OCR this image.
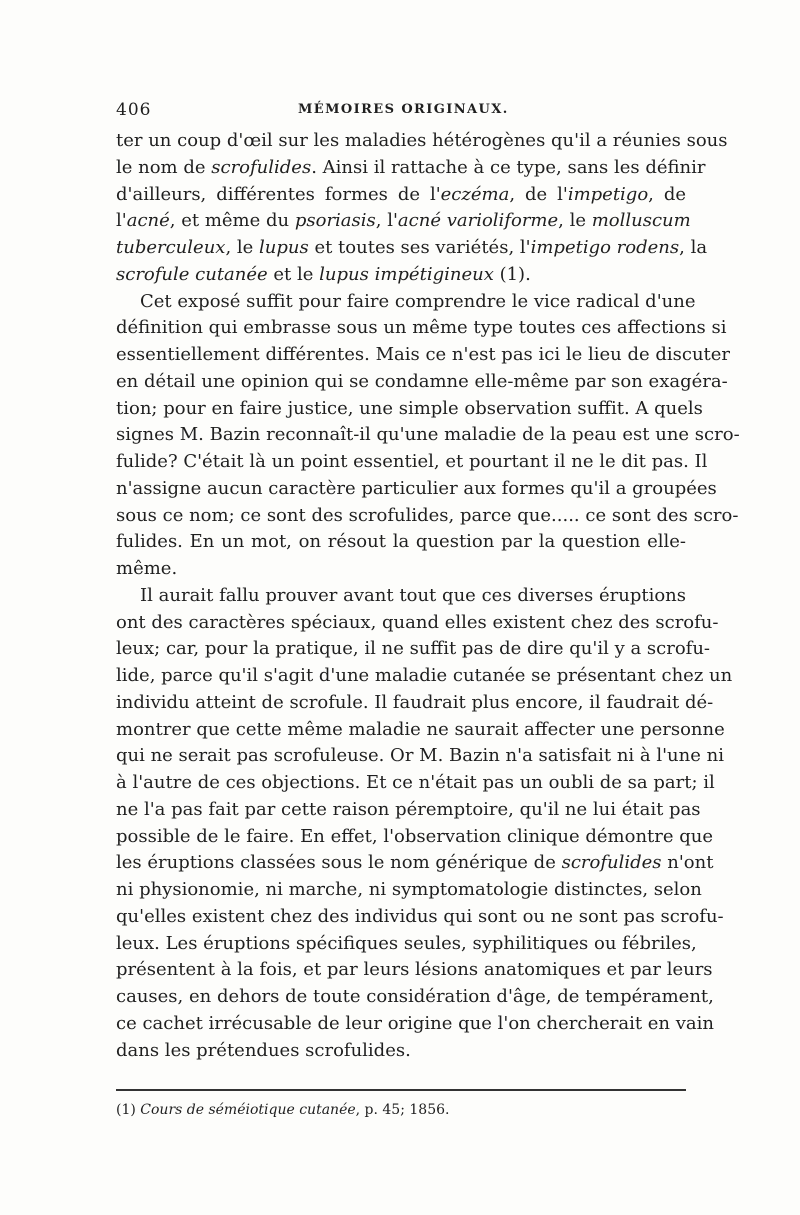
406	MÉMOIRES ORIGINAUX.
ter un coup d'œil sur les maladies hétérogènes qu'il a réunies sous
le nom de scrofulides. Ainsi il rattache à ce type, sans les définir
d'ailleurs, différentes formes de l'eczéma, de l'impetigo, de
l'acné, et même du psoriasis, l'acné varioliforme, le molluscum
tuberculeux, le lupus et toutes ses variétés, l'impetigo rodens, la
scrofule cutanée et le lupus impétigineux (1).
Cet exposé suffit pour faire comprendre le vice radical d'une
définition qui embrasse sous un même type toutes ces affections si
essentiellement différentes. Mais ce n'est pas ici le lieu de discuter
en détail une opinion qui se condamne elle-même par son exagéra-
tion; pour en faire justice, une simple observation suffit. A quels
signes M. Bazin reconnaît-il qu'une maladie de la peau est une scro-
fulide? C'était là un point essentiel, et pourtant il ne le dit pas. Il
n'assigne aucun caractère particulier aux formes qu'il a groupées
sous ce nom; ce sont des scrofulides, parce que..... ce sont des scro-
fulides. En un mot, on résout la question par la question elle-
même.
Il aurait fallu prouver avant tout que ces diverses éruptions
ont des caractères spéciaux, quand elles existent chez des scrofu-
leux; car, pour la pratique, il ne suffit pas de dire qu'il y a scrofu-
lide, parce qu'il s'agit d'une maladie cutanée se présentant chez un
individu atteint de scrofule. Il faudrait plus encore, il faudrait dé-
montrer que cette même maladie ne saurait affecter une personne
qui ne serait pas scrofuleuse. Or M. Bazin n'a satisfait ni à l'une ni
à l'autre de ces objections. Et ce n'était pas un oubli de sa part; il
ne l'a pas fait par cette raison péremptoire, qu'il ne lui était pas
possible de le faire. En effet, l'observation clinique démontre que
les éruptions classées sous le nom générique de scrofulides n'ont
ni physionomie, ni marche, ni symptomatologie distinctes, selon
qu'elles existent chez des individus qui sont ou ne sont pas scrofu-
leux. Les éruptions spécifiques seules, syphilitiques ou fébriles,
présentent à la fois, et par leurs lésions anatomiques et par leurs
causes, en dehors de toute considération d'âge, de tempérament,
ce cachet irrécusable de leur origine que l'on chercherait en vain
dans les prétendues scrofulides.
(1) Cours de séméiotique cutanée, p. 45; 1856.
